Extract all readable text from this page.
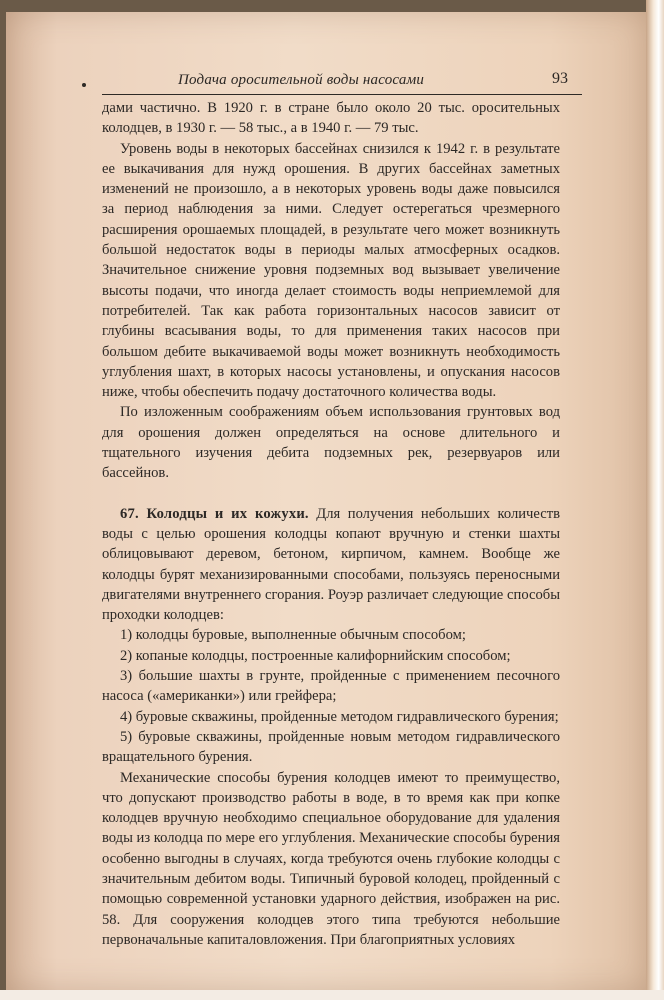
Подача оросительной воды насосами	93

дами частично. В 1920 г. в стране было около 20 тыс. оросительных колодцев, в 1930 г. — 58 тыс., а в 1940 г. — 79 тыс.

Уровень воды в некоторых бассейнах снизился к 1942 г. в результате ее выкачивания для нужд орошения. В других бассейнах заметных изменений не произошло, а в некоторых уровень воды даже повысился за период наблюдения за ними. Следует остерегаться чрезмерного расширения орошаемых площадей, в результате чего может возникнуть большой недостаток воды в периоды малых атмосферных осадков. Значительное снижение уровня подземных вод вызывает увеличение высоты подачи, что иногда делает стоимость воды неприемлемой для потребителей. Так как работа горизонтальных насосов зависит от глубины всасывания воды, то для применения таких насосов при большом дебите выкачиваемой воды может возникнуть необходимость углубления шахт, в которых насосы установлены, и опускания насосов ниже, чтобы обеспечить подачу достаточного количества воды.

По изложенным соображениям объем использования грунтовых вод для орошения должен определяться на основе длительного и тщательного изучения дебита подземных рек, резервуаров или бассейнов.

67. Колодцы и их кожухи. Для получения небольших количеств воды с целью орошения колодцы копают вручную и стенки шахты облицовывают деревом, бетоном, кирпичом, камнем. Вообще же колодцы бурят механизированными способами, пользуясь переносными двигателями внутреннего сгорания. Роуэр различает следующие способы проходки колодцев:

1) колодцы буровые, выполненные обычным способом;

2) копаные колодцы, построенные калифорнийским способом;

3) большие шахты в грунте, пройденные с применением песочного насоса («американки») или грейфера;

4) буровые скважины, пройденные методом гидравлического бурения;

5) буровые скважины, пройденные новым методом гидравлического вращательного бурения.

Механические способы бурения колодцев имеют то преимущество, что допускают производство работы в воде, в то время как при копке колодцев вручную необходимо специальное оборудование для удаления воды из колодца по мере его углубления. Механические способы бурения особенно выгодны в случаях, когда требуются очень глубокие колодцы с значительным дебитом воды. Типичный буровой колодец, пройденный с помощью современной установки ударного действия, изображен на рис. 58. Для сооружения колодцев этого типа требуются небольшие первоначальные капиталовложения. При благоприятных условиях
